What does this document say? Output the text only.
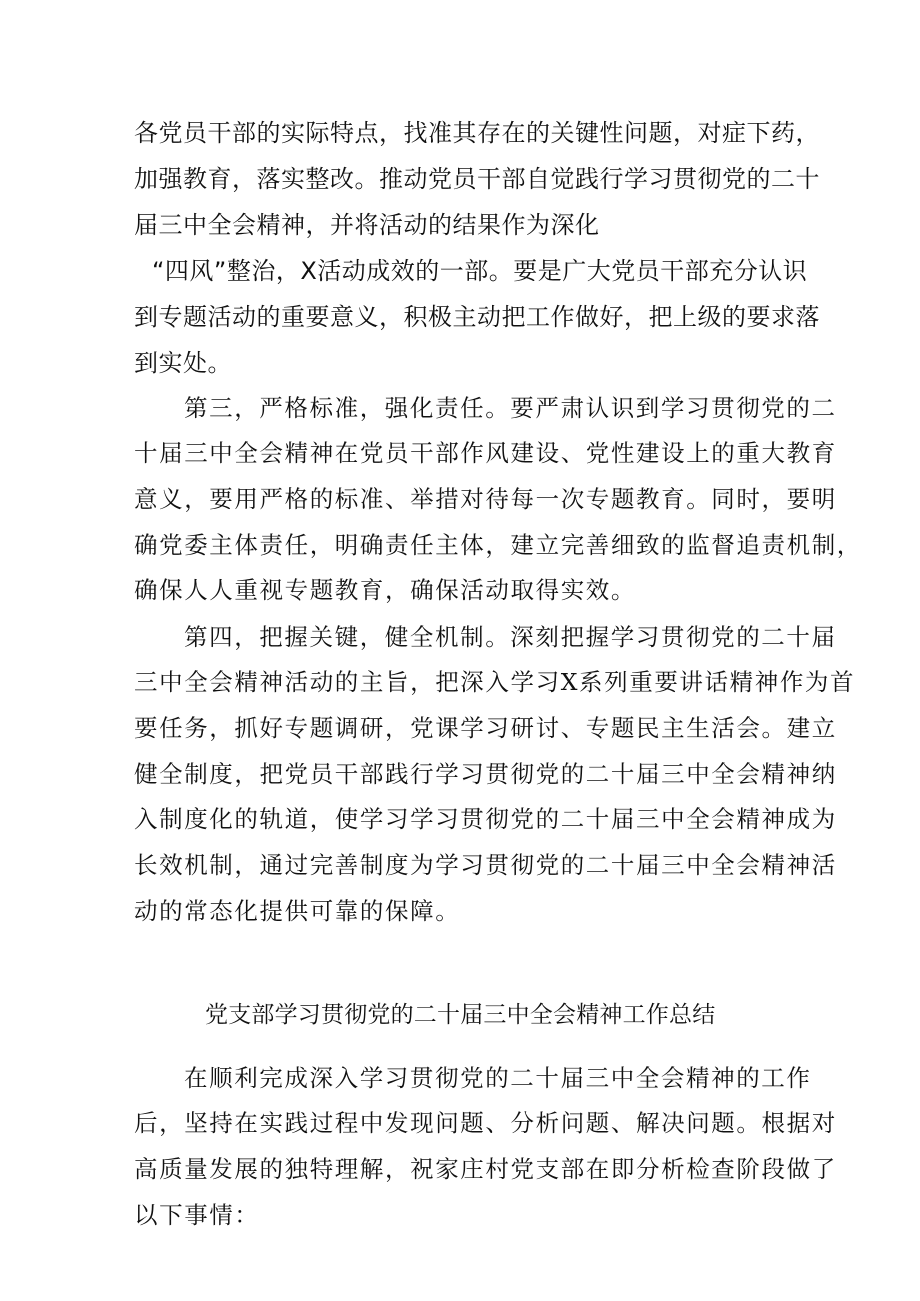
各党员干部的实际特点，找准其存在的关键性问题，对症下药，
加强教育，落实整改。推动党员干部自觉践行学习贯彻党的二十
届三中全会精神，并将活动的结果作为深化
“四风”整治，X活动成效的一部。要是广大党员干部充分认识
到专题活动的重要意义，积极主动把工作做好，把上级的要求落
到实处。
第三，严格标准，强化责任。要严肃认识到学习贯彻党的二
十届三中全会精神在党员干部作风建设、党性建设上的重大教育
意义，要用严格的标准、举措对待每一次专题教育。同时，要明
确党委主体责任，明确责任主体，建立完善细致的监督追责机制，
确保人人重视专题教育，确保活动取得实效。
第四，把握关键，健全机制。深刻把握学习贯彻党的二十届
三中全会精神活动的主旨，把深入学习X系列重要讲话精神作为首
要任务，抓好专题调研，党课学习研讨、专题民主生活会。建立
健全制度，把党员干部践行学习贯彻党的二十届三中全会精神纳
入制度化的轨道，使学习学习贯彻党的二十届三中全会精神成为
长效机制，通过完善制度为学习贯彻党的二十届三中全会精神活
动的常态化提供可靠的保障。
党支部学习贯彻党的二十届三中全会精神工作总结
在顺利完成深入学习贯彻党的二十届三中全会精神的工作
后，坚持在实践过程中发现问题、分析问题、解决问题。根据对
高质量发展的独特理解，祝家庄村党支部在即分析检查阶段做了
以下事情：
